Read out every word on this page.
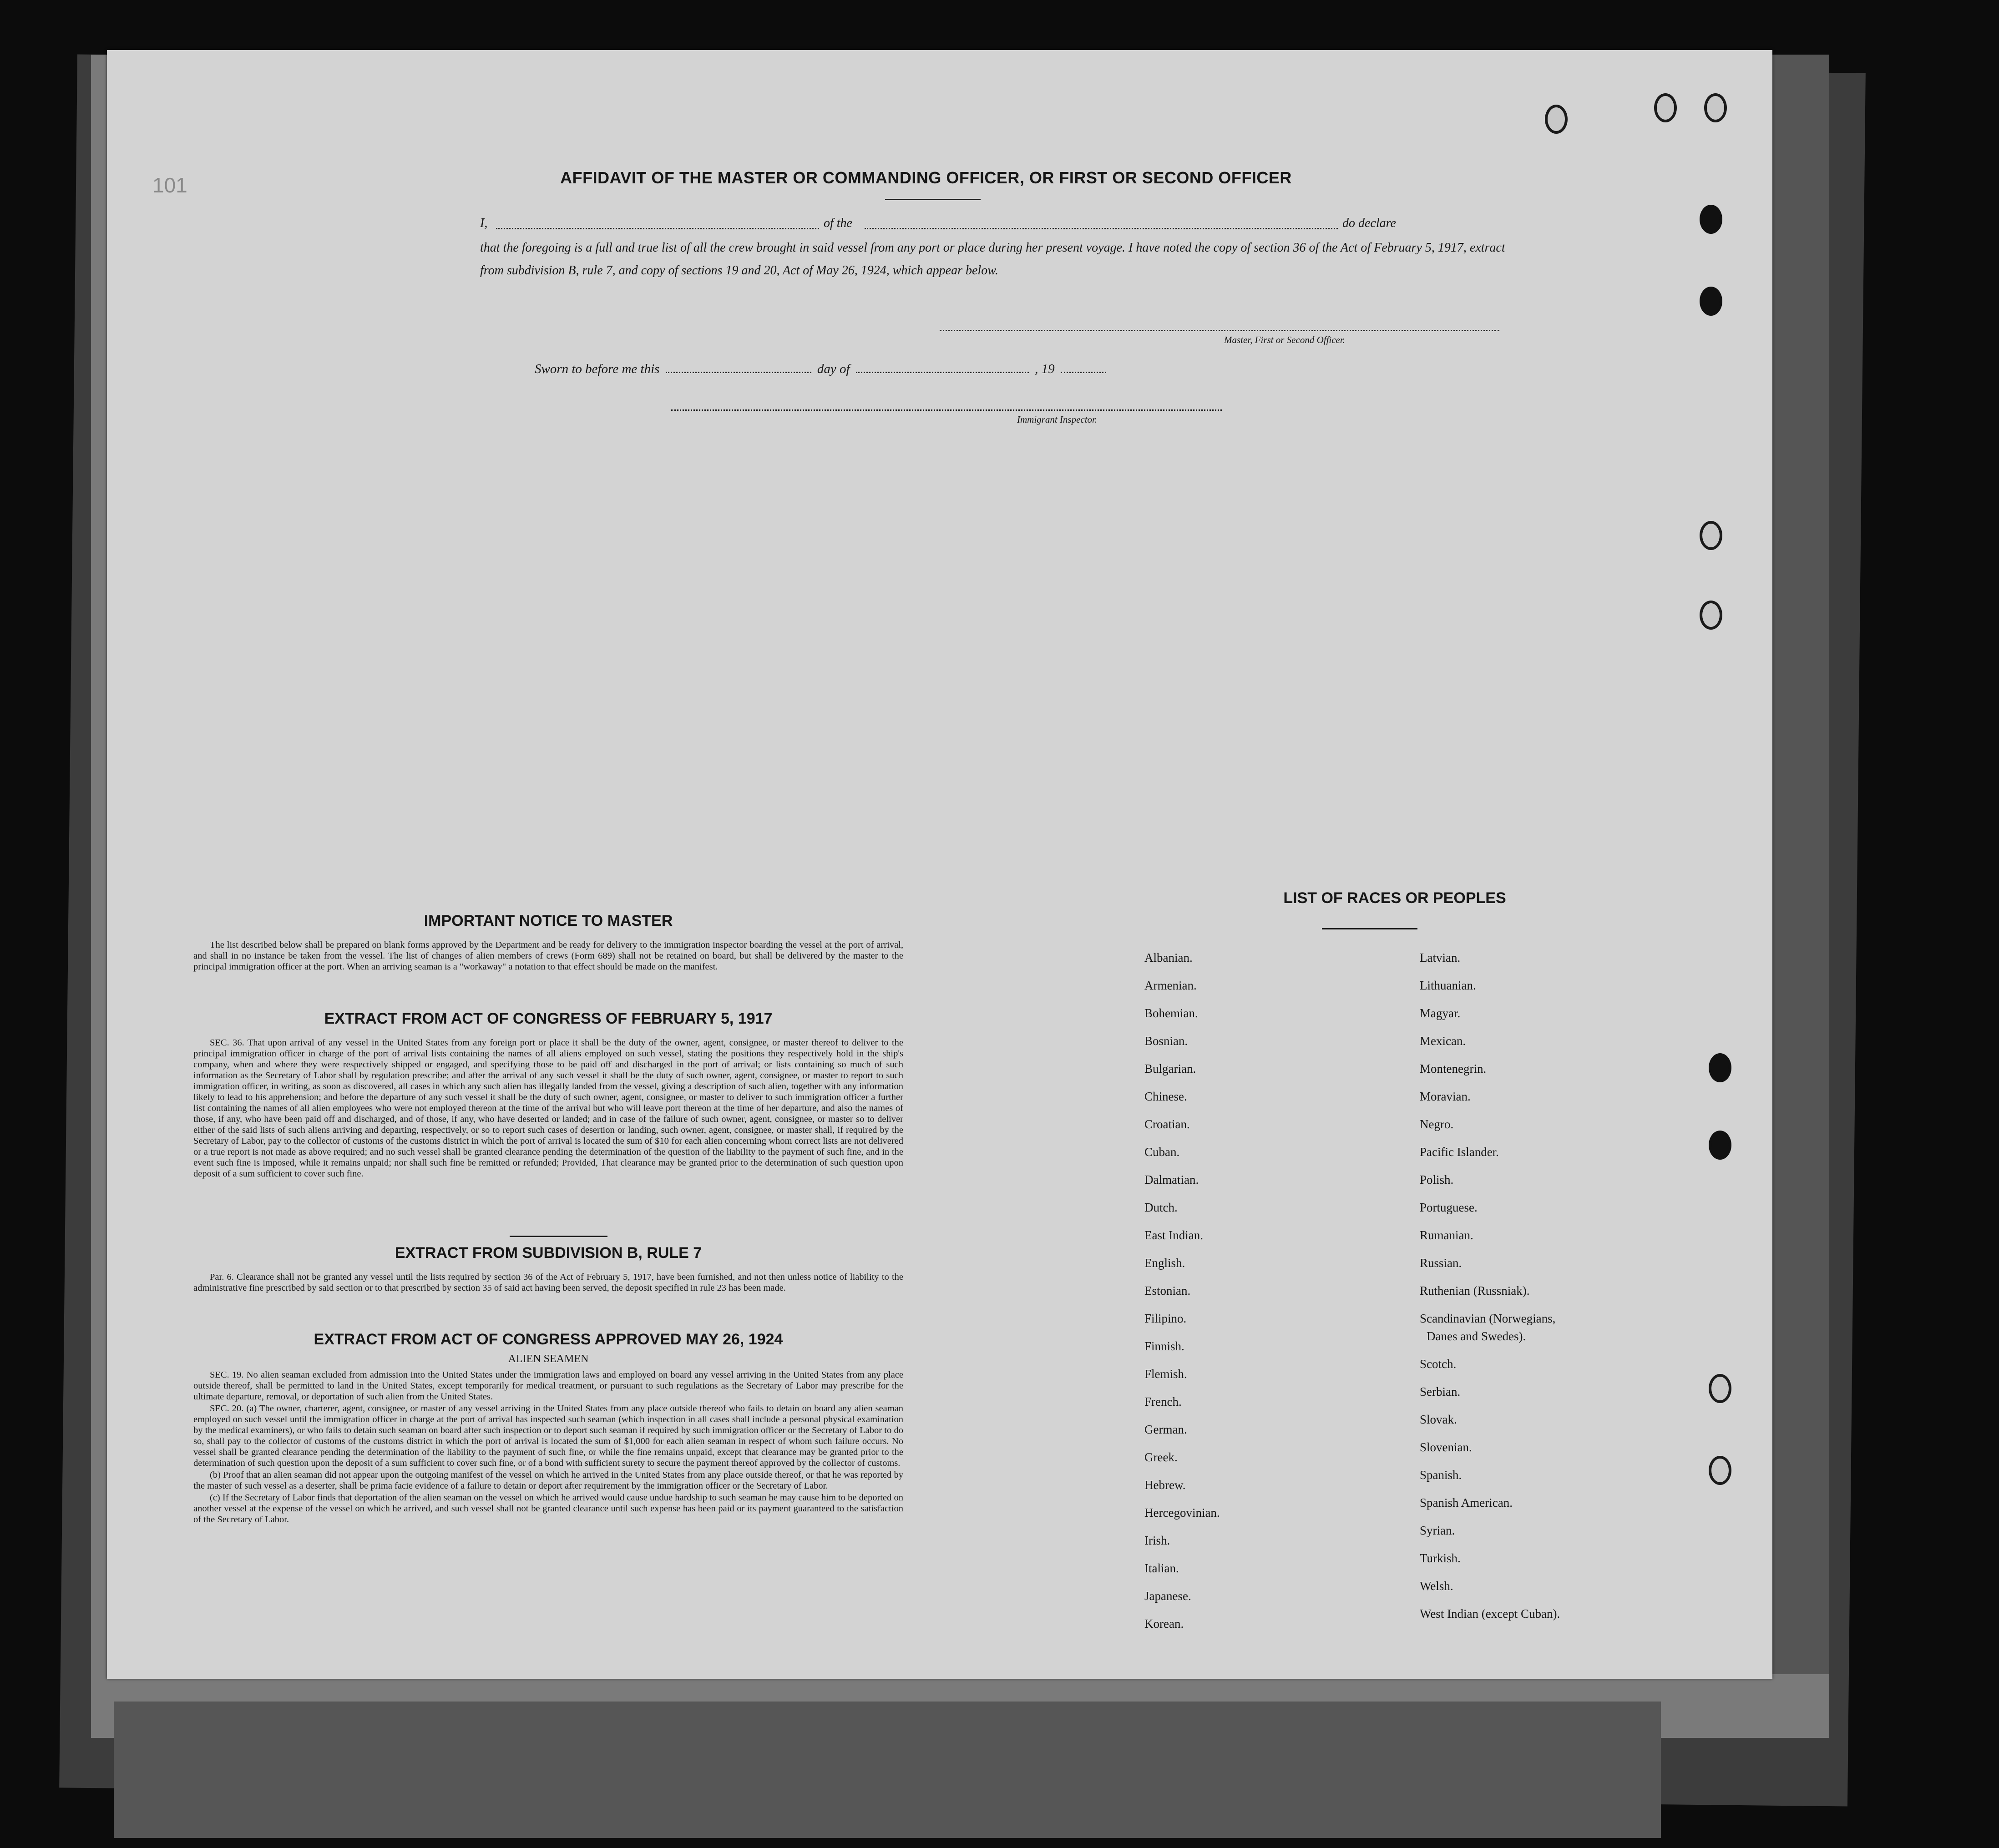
101	AFFIDAVIT OF THE MASTER OR COMMANDING OFFICER, OR FIRST OR SECOND OFFICER
I,	of the	do declare
that the foregoing is a full and true list of all the crew brought in said vessel from any port or place during her present voyage. I have noted the copy of section 36 of the Act of February 5, 1917, extract from subdivision B, rule 7, and copy of sections 19 and 20, Act of May 26, 1924, which appear below.
Master, First or Second Officer.
Sworn to before me this	day of	, 19
Immigrant Inspector.
IMPORTANT NOTICE TO MASTER

The list described below shall be prepared on blank forms approved by the Department and be ready for delivery to the immigration inspector boarding the vessel at the port of arrival, and shall in no instance be taken from the vessel. The list of changes of alien members of crews (Form 689) shall not be retained on board, but shall be delivered by the master to the principal immigration officer at the port. When an arriving seaman is a "workaway" a notation to that effect should be made on the manifest.

EXTRACT FROM ACT OF CONGRESS OF FEBRUARY 5, 1917

SEC. 36. That upon arrival of any vessel in the United States from any foreign port or place it shall be the duty of the owner, agent, consignee, or master thereof to deliver to the principal immigration officer in charge of the port of arrival lists containing the names of all aliens employed on such vessel, stating the positions they respectively hold in the ship's company, when and where they were respectively shipped or engaged, and specifying those to be paid off and discharged in the port of arrival; or lists containing so much of such information as the Secretary of Labor shall by regulation prescribe; and after the arrival of any such vessel it shall be the duty of such owner, agent, consignee, or master to report to such immigration officer, in writing, as soon as discovered, all cases in which any such alien has illegally landed from the vessel, giving a description of such alien, together with any information likely to lead to his apprehension; and before the departure of any such vessel it shall be the duty of such owner, agent, consignee, or master to deliver to such immigration officer a further list containing the names of all alien employees who were not employed thereon at the time of the arrival but who will leave port thereon at the time of her departure, and also the names of those, if any, who have been paid off and discharged, and of those, if any, who have deserted or landed; and in case of the failure of such owner, agent, consignee, or master so to deliver either of the said lists of such aliens arriving and departing, respectively, or so to report such cases of desertion or landing, such owner, agent, consignee, or master shall, if required by the Secretary of Labor, pay to the collector of customs of the customs district in which the port of arrival is located the sum of $10 for each alien concerning whom correct lists are not delivered or a true report is not made as above required; and no such vessel shall be granted clearance pending the determination of the question of the liability to the payment of such fine, and in the event such fine is imposed, while it remains unpaid; nor shall such fine be remitted or refunded; Provided, That clearance may be granted prior to the determination of such question upon deposit of a sum sufficient to cover such fine.

EXTRACT FROM SUBDIVISION B, RULE 7

Par. 6. Clearance shall not be granted any vessel until the lists required by section 36 of the Act of February 5, 1917, have been furnished, and not then unless notice of liability to the administrative fine prescribed by said section or to that prescribed by section 35 of said act having been served, the deposit specified in rule 23 has been made.

EXTRACT FROM ACT OF CONGRESS APPROVED MAY 26, 1924
ALIEN SEAMEN

SEC. 19. No alien seaman excluded from admission into the United States under the immigration laws and employed on board any vessel arriving in the United States from any place outside thereof, shall be permitted to land in the United States, except temporarily for medical treatment, or pursuant to such regulations as the Secretary of Labor may prescribe for the ultimate departure, removal, or deportation of such alien from the United States.

SEC. 20. (a) The owner, charterer, agent, consignee, or master of any vessel arriving in the United States from any place outside thereof who fails to detain on board any alien seaman employed on such vessel until the immigration officer in charge at the port of arrival has inspected such seaman (which inspection in all cases shall include a personal physical examination by the medical examiners), or who fails to detain such seaman on board after such inspection or to deport such seaman if required by such immigration officer or the Secretary of Labor to do so, shall pay to the collector of customs of the customs district in which the port of arrival is located the sum of $1,000 for each alien seaman in respect of whom such failure occurs. No vessel shall be granted clearance pending the determination of the liability to the payment of such fine, or while the fine remains unpaid, except that clearance may be granted prior to the determination of such question upon the deposit of a sum sufficient to cover such fine, or of a bond with sufficient surety to secure the payment thereof approved by the collector of customs.

(b) Proof that an alien seaman did not appear upon the outgoing manifest of the vessel on which he arrived in the United States from any place outside thereof, or that he was reported by the master of such vessel as a deserter, shall be prima facie evidence of a failure to detain or deport after requirement by the immigration officer or the Secretary of Labor.

(c) If the Secretary of Labor finds that deportation of the alien seaman on the vessel on which he arrived would cause undue hardship to such seaman he may cause him to be deported on another vessel at the expense of the vessel on which he arrived, and such vessel shall not be granted clearance until such expense has been paid or its payment guaranteed to the satisfaction of the Secretary of Labor.

LIST OF RACES OR PEOPLES
Albanian.
Armenian.
Bohemian.
Bosnian.
Bulgarian.
Chinese.
Croatian.
Cuban.
Dalmatian.
Dutch.
East Indian.
English.
Estonian.
Filipino.
Finnish.
Flemish.
French.
German.
Greek.
Hebrew.
Hercegovinian.
Irish.
Italian.
Japanese.
Korean.
Latvian.
Lithuanian.
Magyar.
Mexican.
Montenegrin.
Moravian.
Negro.
Pacific Islander.
Polish.
Portuguese.
Rumanian.
Russian.
Ruthenian (Russniak).
Scandinavian (Norwegians,
Danes and Swedes).
Scotch.
Serbian.
Slovak.
Slovenian.
Spanish.
Spanish American.
Syrian.
Turkish.
Welsh.
West Indian (except Cuban).
